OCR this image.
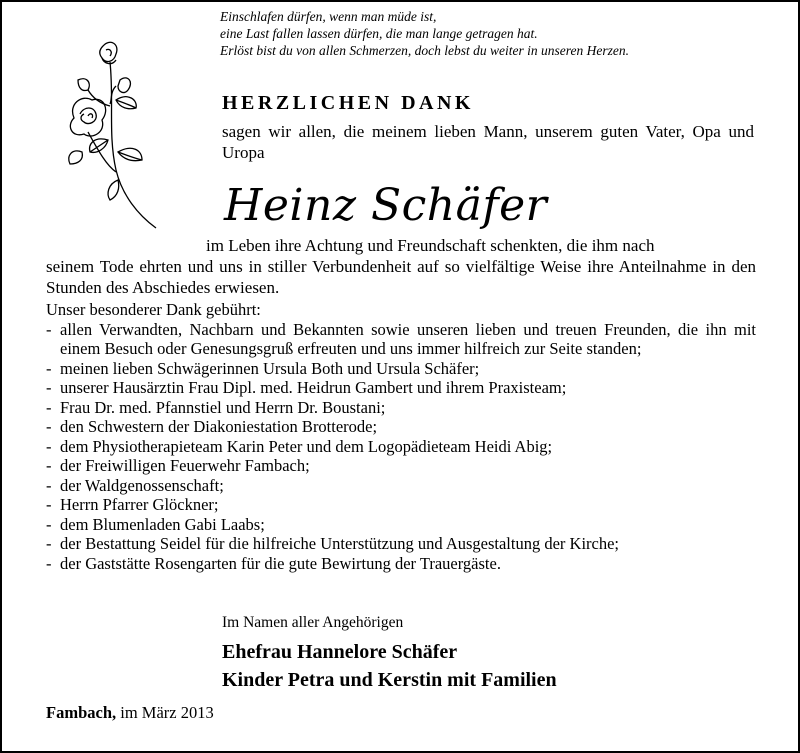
Einschlafen dürfen, wenn man müde ist,
eine Last fallen lassen dürfen, die man lange getragen hat.
Erlöst bist du von allen Schmerzen, doch lebst du weiter in unseren Herzen.
HERZLICHEN DANK
sagen wir allen, die meinem lieben Mann, unserem guten Vater, Opa und Uropa
Heinz Schäfer
im Leben ihre Achtung und Freundschaft schenkten, die ihm nach
seinem Tode ehrten und uns in stiller Verbundenheit auf so vielfältige Weise ihre Anteilnahme in den Stunden des Abschiedes erwiesen.
Unser besonderer Dank gebührt:
- allen Verwandten, Nachbarn und Bekannten sowie unseren lieben und treuen Freunden, die ihn mit einem Besuch oder Genesungsgruß erfreuten und uns immer hilfreich zur Seite standen;
- meinen lieben Schwägerinnen Ursula Both und Ursula Schäfer;
- unserer Hausärztin Frau Dipl. med. Heidrun Gambert und ihrem Praxisteam;
- Frau Dr. med. Pfannstiel und Herrn Dr. Boustani;
- den Schwestern der Diakoniestation Brotterode;
- dem Physiotherapieteam Karin Peter und dem Logopädieteam Heidi Abig;
- der Freiwilligen Feuerwehr Fambach;
- der Waldgenossenschaft;
- Herrn Pfarrer Glöckner;
- dem Blumenladen Gabi Laabs;
- der Bestattung Seidel für die hilfreiche Unterstützung und Ausgestaltung der Kirche;
- der Gaststätte Rosengarten für die gute Bewirtung der Trauergäste.
Im Namen aller Angehörigen
Ehefrau Hannelore Schäfer
Kinder Petra und Kerstin mit Familien
Fambach, im März 2013
